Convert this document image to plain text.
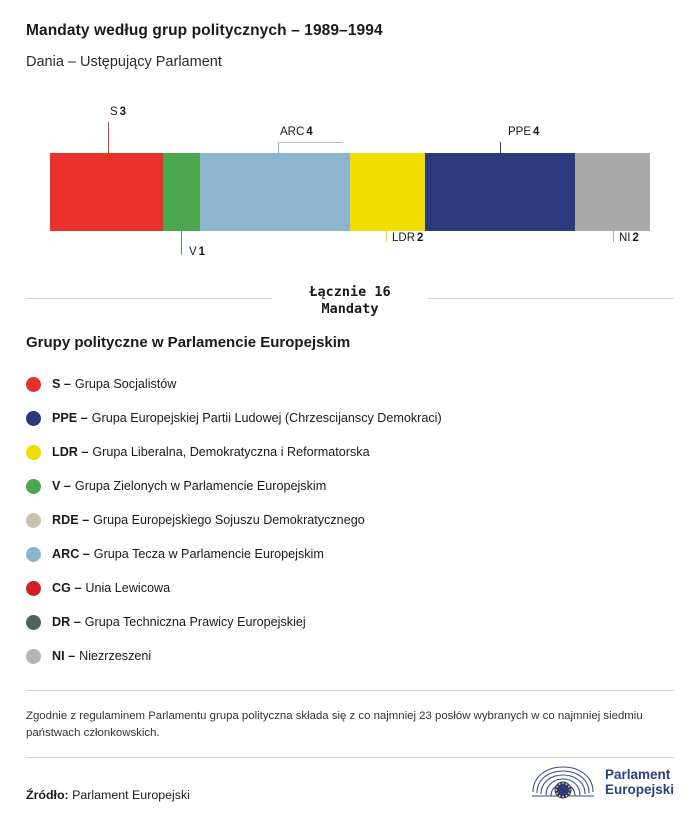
Mandaty według grup politycznych – 1989–1994
Dania – Ustępujący Parlament
S 3
ARC 4	PPE 4
V 1
LDR 2	NI 2
Łącznie 16
Mandaty
Grupy polityczne w Parlamencie Europejskim
S – Grupa Socjalistów
PPE – Grupa Europejskiej Partii Ludowej (Chrzescijanscy Demokraci)
LDR – Grupa Liberalna, Demokratyczna i Reformatorska
V – Grupa Zielonych w Parlamencie Europejskim
RDE – Grupa Europejskiego Sojuszu Demokratycznego
ARC – Grupa Tecza w Parlamencie Europejskim
CG – Unia Lewicowa
DR – Grupa Techniczna Prawicy Europejskiej
NI – Niezrzeszeni
Zgodnie z regulaminem Parlamentu grupa polityczna składa się z co najmniej 23 posłów wybranych w co najmniej siedmiu państwach członkowskich.
Źródło: Parlament Europejski
Parlament
Europejski
